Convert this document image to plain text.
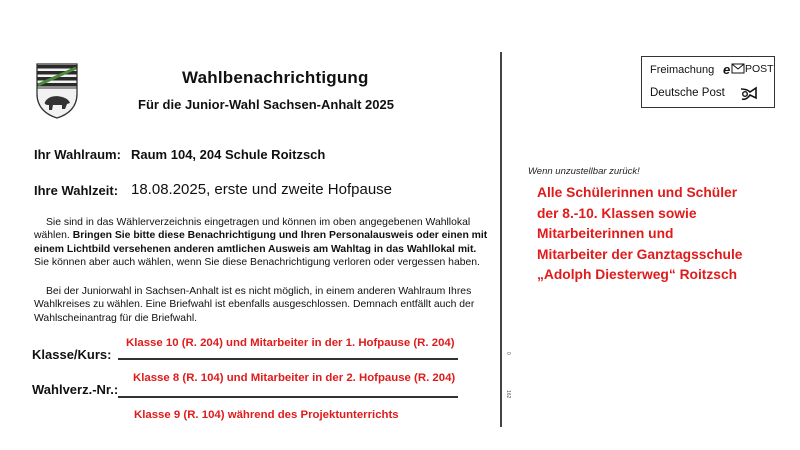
Wahlbenachrichtigung
Für die Junior-Wahl Sachsen-Anhalt 2025
Ihr Wahlraum: Raum 104, 204 Schule Roitzsch
Ihre Wahlzeit: 18.08.2025, erste und zweite Hofpause
Sie sind in das Wählerverzeichnis eingetragen und können im oben angegebenen Wahllokal wählen. Bringen Sie bitte diese Benachrichtigung und Ihren Personalausweis oder einen mit einem Lichtbild versehenen anderen amtlichen Ausweis am Wahltag in das Wahllokal mit. Sie können aber auch wählen, wenn Sie diese Benachrichtigung verloren oder vergessen haben.
Bei der Juniorwahl in Sachsen-Anhalt ist es nicht möglich, in einem anderen Wahlraum Ihres Wahlkreises zu wählen. Eine Briefwahl ist ebenfalls ausgeschlossen. Demnach entfällt auch der Wahlscheinantrag für die Briefwahl.
Klasse 10 (R. 204) und Mitarbeiter in der 1. Hofpause (R. 204)
Klasse/Kurs:
Klasse 8 (R. 104) und Mitarbeiter in der 2. Hofpause (R. 204)
Wahlverz.-Nr.:
Klasse 9 (R. 104) während des Projektunterrichts
0
162
Freimachung e POST
Deutsche Post
Wenn unzustellbar zurück!
Alle Schülerinnen und Schüler
der 8.-10. Klassen sowie
Mitarbeiterinnen und
Mitarbeiter der Ganztagsschule
„Adolph Diesterweg“ Roitzsch
